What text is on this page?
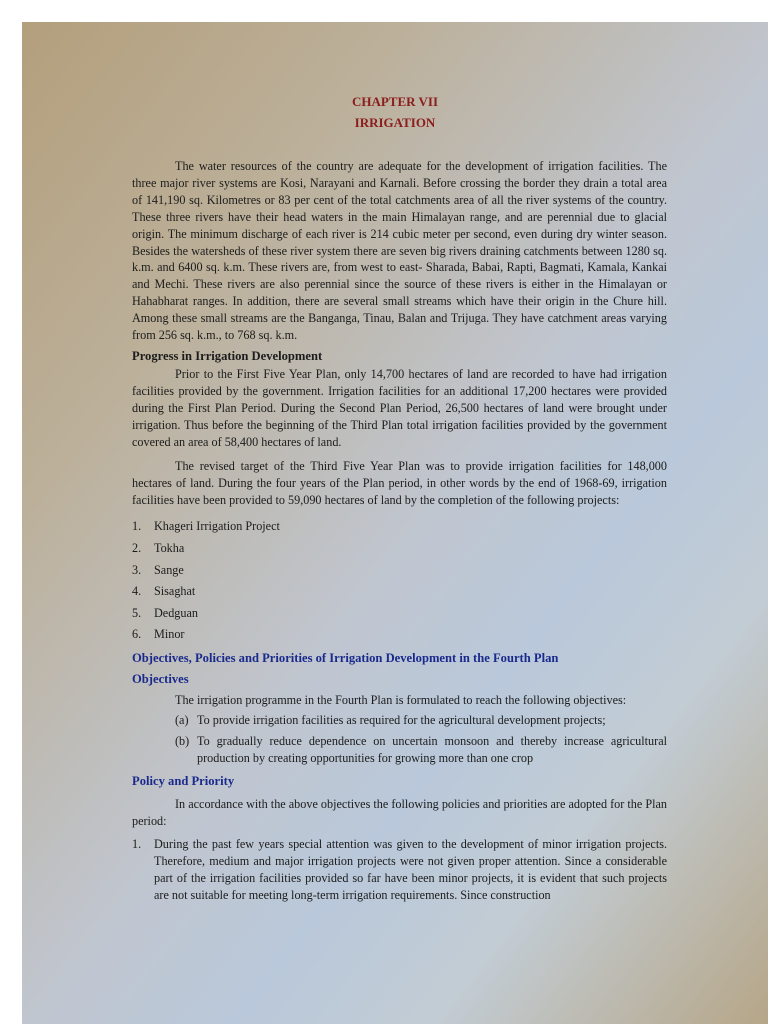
CHAPTER VII
IRRIGATION

The water resources of the country are adequate for the development of irrigation facilities. The three major river systems are Kosi, Narayani and Karnali. Before crossing the border they drain a total area of 141,190 sq. Kilometres or 83 per cent of the total catchments area of all the river systems of the country. These three rivers have their head waters in the main Himalayan range, and are perennial due to glacial origin. The minimum discharge of each river is 214 cubic meter per second, even during dry winter season. Besides the watersheds of these river system there are seven big rivers draining catchments between 1280 sq. k.m. and 6400 sq. k.m. These rivers are, from west to east- Sharada, Babai, Rapti, Bagmati, Kamala, Kankai and Mechi. These rivers are also perennial since the source of these rivers is either in the Himalayan or Hahabharat ranges. In addition, there are several small streams which have their origin in the Chure hill. Among these small streams are the Banganga, Tinau, Balan and Trijuga. They have catchment areas varying from 256 sq. k.m., to 768 sq. k.m.

Progress in Irrigation Development

Prior to the First Five Year Plan, only 14,700 hectares of land are recorded to have had irrigation facilities provided by the government. Irrigation facilities for an additional 17,200 hectares were provided during the First Plan Period. During the Second Plan Period, 26,500 hectares of land were brought under irrigation. Thus before the beginning of the Third Plan total irrigation facilities provided by the government covered an area of 58,400 hectares of land.

The revised target of the Third Five Year Plan was to provide irrigation facilities for 148,000 hectares of land. During the four years of the Plan period, in other words by the end of 1968-69, irrigation facilities have been provided to 59,090 hectares of land by the completion of the following projects:

1.	Khageri Irrigation Project
2.	Tokha
3.	Sange
4.	Sisaghat
5.	Dedguan
6.	Minor
Objectives, Policies and Priorities of Irrigation Development in the Fourth Plan
Objectives

The irrigation programme in the Fourth Plan is formulated to reach the following objectives:

(a) To provide irrigation facilities as required for the agricultural development projects;
(b) To gradually reduce dependence on uncertain monsoon and thereby increase agricultural production by creating opportunities for growing more than one crop
Policy and Priority

In accordance with the above objectives the following policies and priorities are adopted for the Plan period:

1.	During the past few years special attention was given to the development of minor irrigation projects. Therefore, medium and major irrigation projects were not given proper attention. Since a considerable part of the irrigation facilities provided so far have been minor projects, it is evident that such projects are not suitable for meeting long-term irrigation requirements. Since construction
